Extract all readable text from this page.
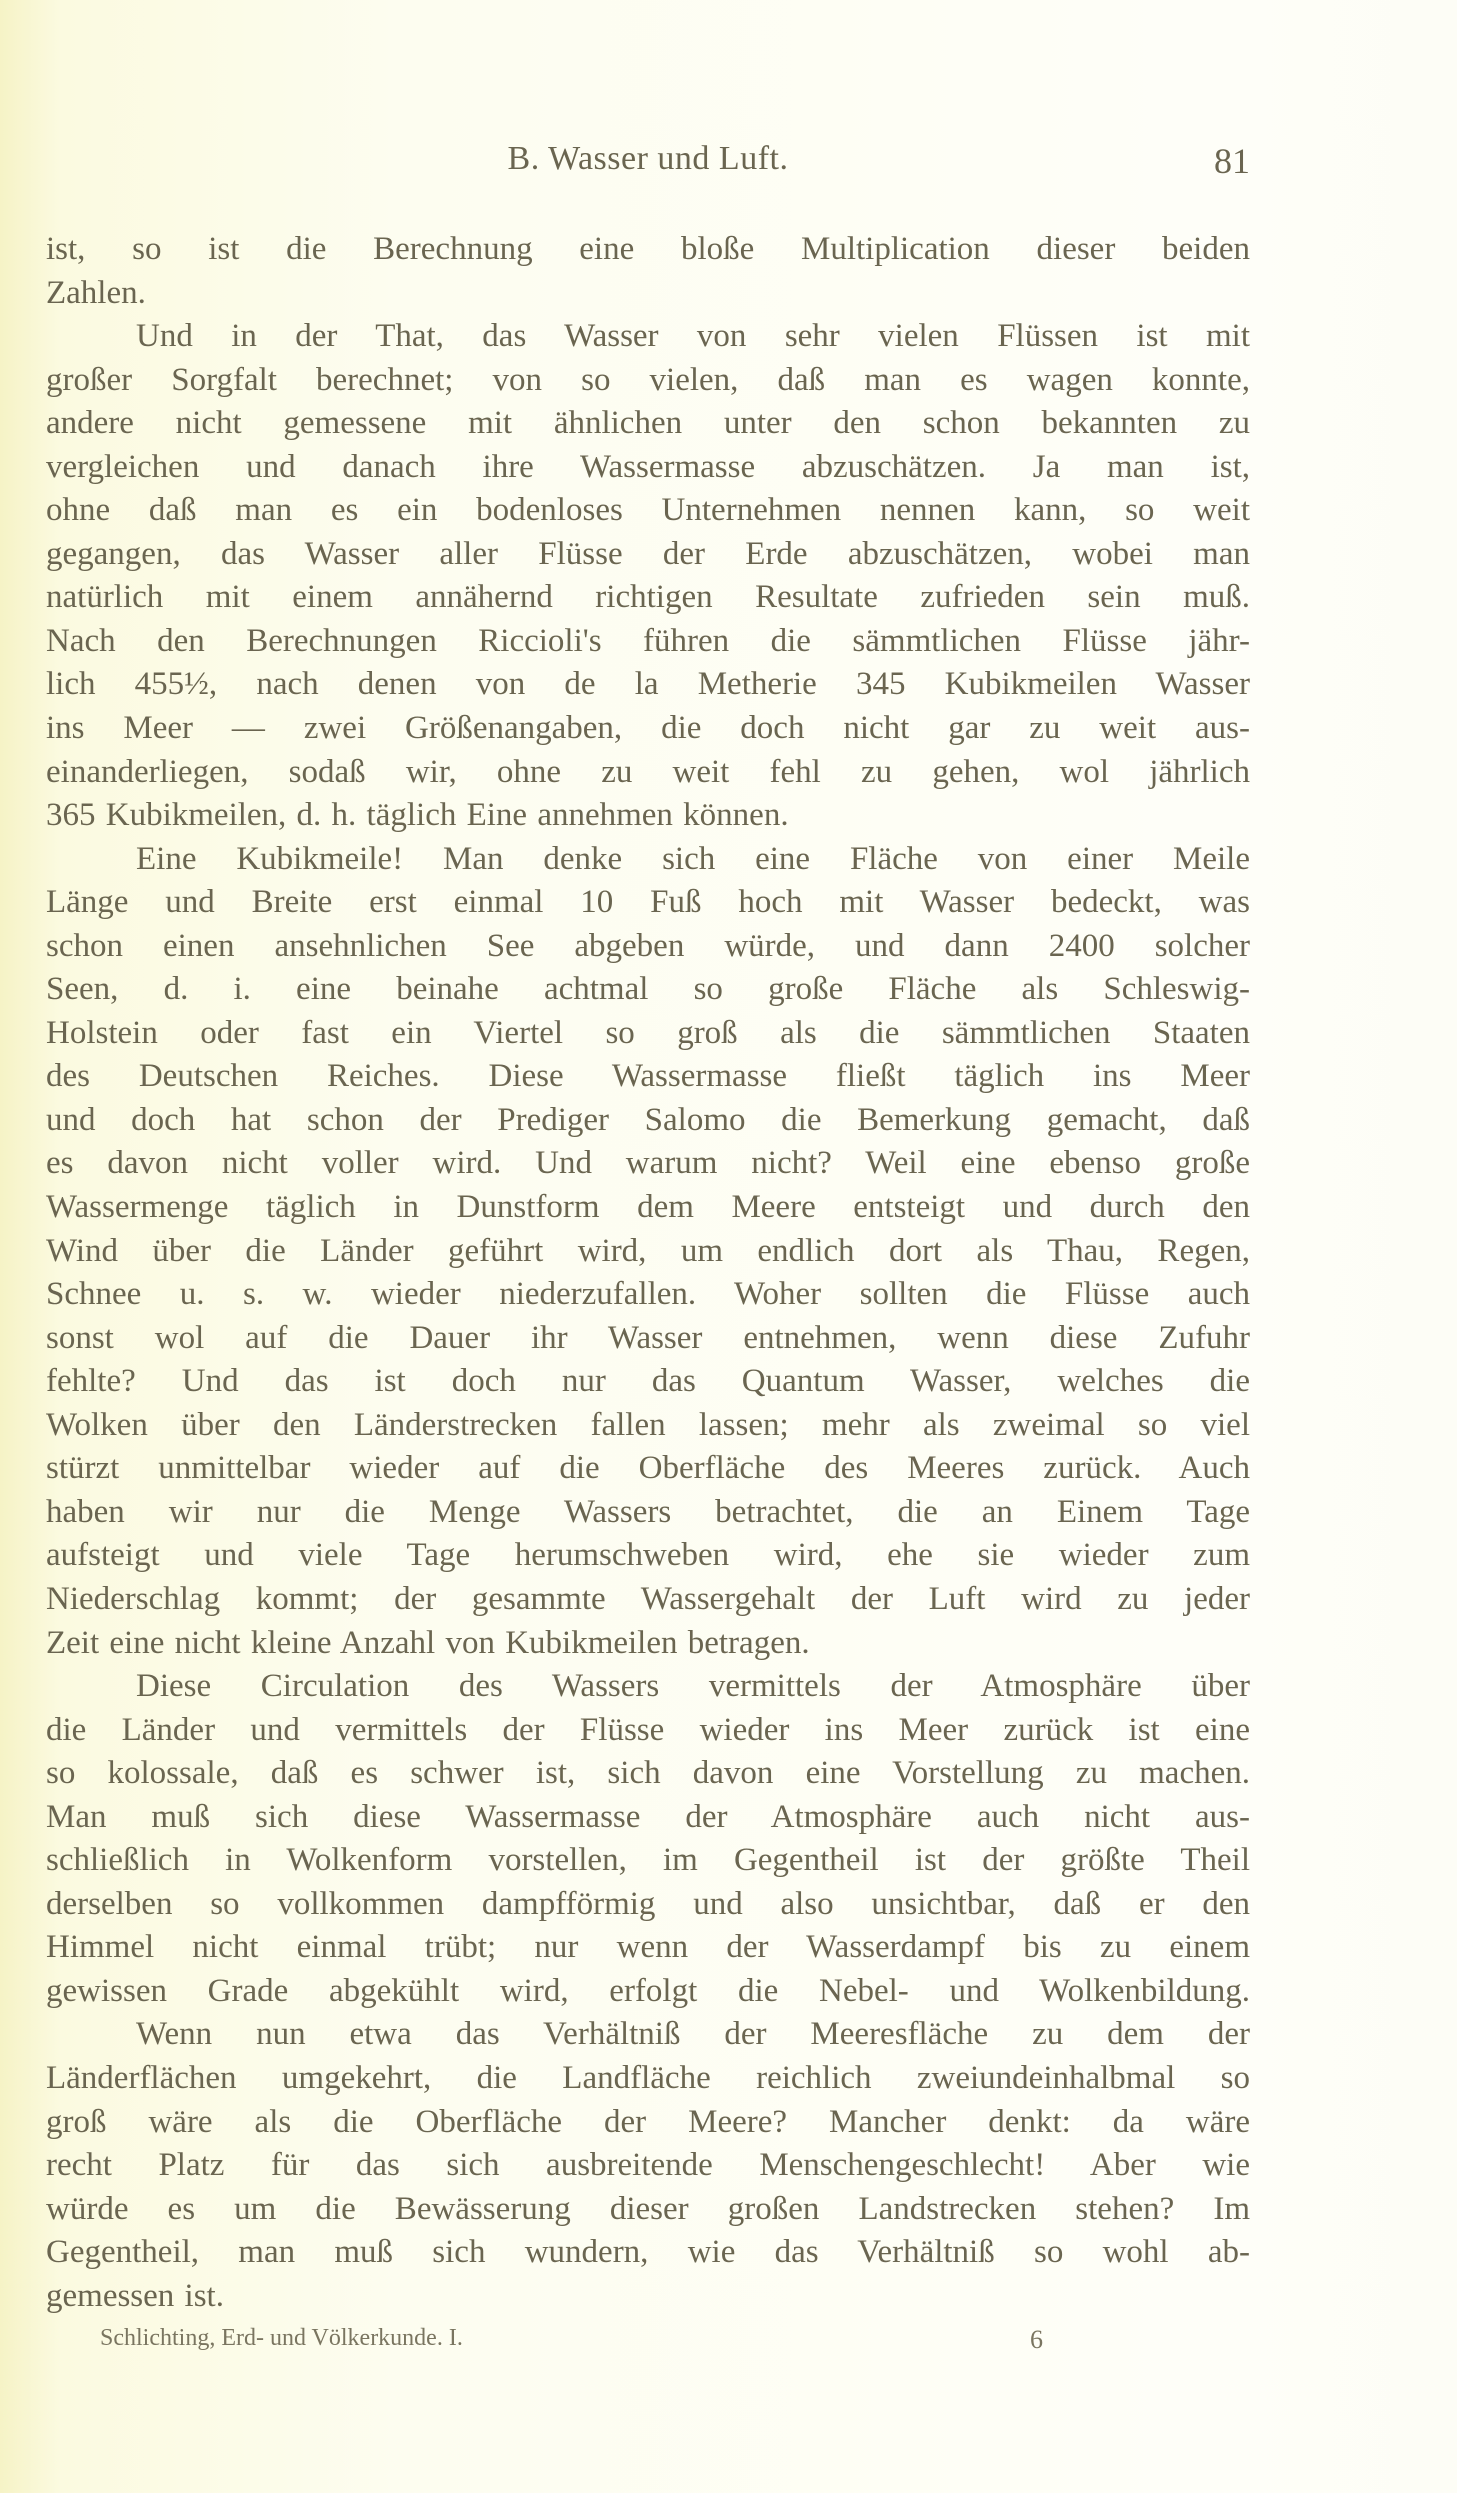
B. Wasser und Luft.	81
ist, so ist die Berechnung eine bloße Multiplication dieser beiden
Zahlen.
Und in der That, das Wasser von sehr vielen Flüssen ist mit
großer Sorgfalt berechnet; von so vielen, daß man es wagen konnte,
andere nicht gemessene mit ähnlichen unter den schon bekannten zu
vergleichen und danach ihre Wassermasse abzuschätzen. Ja man ist,
ohne daß man es ein bodenloses Unternehmen nennen kann, so weit
gegangen, das Wasser aller Flüsse der Erde abzuschätzen, wobei man
natürlich mit einem annähernd richtigen Resultate zufrieden sein muß.
Nach den Berechnungen Riccioli's führen die sämmtlichen Flüsse jähr-
lich 455½, nach denen von de la Metherie 345 Kubikmeilen Wasser
ins Meer — zwei Größenangaben, die doch nicht gar zu weit aus-
einanderliegen, sodaß wir, ohne zu weit fehl zu gehen, wol jährlich
365 Kubikmeilen, d. h. täglich Eine annehmen können.
Eine Kubikmeile! Man denke sich eine Fläche von einer Meile
Länge und Breite erst einmal 10 Fuß hoch mit Wasser bedeckt, was
schon einen ansehnlichen See abgeben würde, und dann 2400 solcher
Seen, d. i. eine beinahe achtmal so große Fläche als Schleswig-
Holstein oder fast ein Viertel so groß als die sämmtlichen Staaten
des Deutschen Reiches. Diese Wassermasse fließt täglich ins Meer
und doch hat schon der Prediger Salomo die Bemerkung gemacht, daß
es davon nicht voller wird. Und warum nicht? Weil eine ebenso große
Wassermenge täglich in Dunstform dem Meere entsteigt und durch den
Wind über die Länder geführt wird, um endlich dort als Thau, Regen,
Schnee u. s. w. wieder niederzufallen. Woher sollten die Flüsse auch
sonst wol auf die Dauer ihr Wasser entnehmen, wenn diese Zufuhr
fehlte? Und das ist doch nur das Quantum Wasser, welches die
Wolken über den Länderstrecken fallen lassen; mehr als zweimal so viel
stürzt unmittelbar wieder auf die Oberfläche des Meeres zurück. Auch
haben wir nur die Menge Wassers betrachtet, die an Einem Tage
aufsteigt und viele Tage herumschweben wird, ehe sie wieder zum
Niederschlag kommt; der gesammte Wassergehalt der Luft wird zu jeder
Zeit eine nicht kleine Anzahl von Kubikmeilen betragen.
Diese Circulation des Wassers vermittels der Atmosphäre über
die Länder und vermittels der Flüsse wieder ins Meer zurück ist eine
so kolossale, daß es schwer ist, sich davon eine Vorstellung zu machen.
Man muß sich diese Wassermasse der Atmosphäre auch nicht aus-
schließlich in Wolkenform vorstellen, im Gegentheil ist der größte Theil
derselben so vollkommen dampfförmig und also unsichtbar, daß er den
Himmel nicht einmal trübt; nur wenn der Wasserdampf bis zu einem
gewissen Grade abgekühlt wird, erfolgt die Nebel- und Wolkenbildung.
Wenn nun etwa das Verhältniß der Meeresfläche zu dem der
Länderflächen umgekehrt, die Landfläche reichlich zweiundeinhalbmal so
groß wäre als die Oberfläche der Meere? Mancher denkt: da wäre
recht Platz für das sich ausbreitende Menschengeschlecht! Aber wie
würde es um die Bewässerung dieser großen Landstrecken stehen? Im
Gegentheil, man muß sich wundern, wie das Verhältniß so wohl ab-
gemessen ist.
Schlichting, Erd- und Völkerkunde. I.	6
